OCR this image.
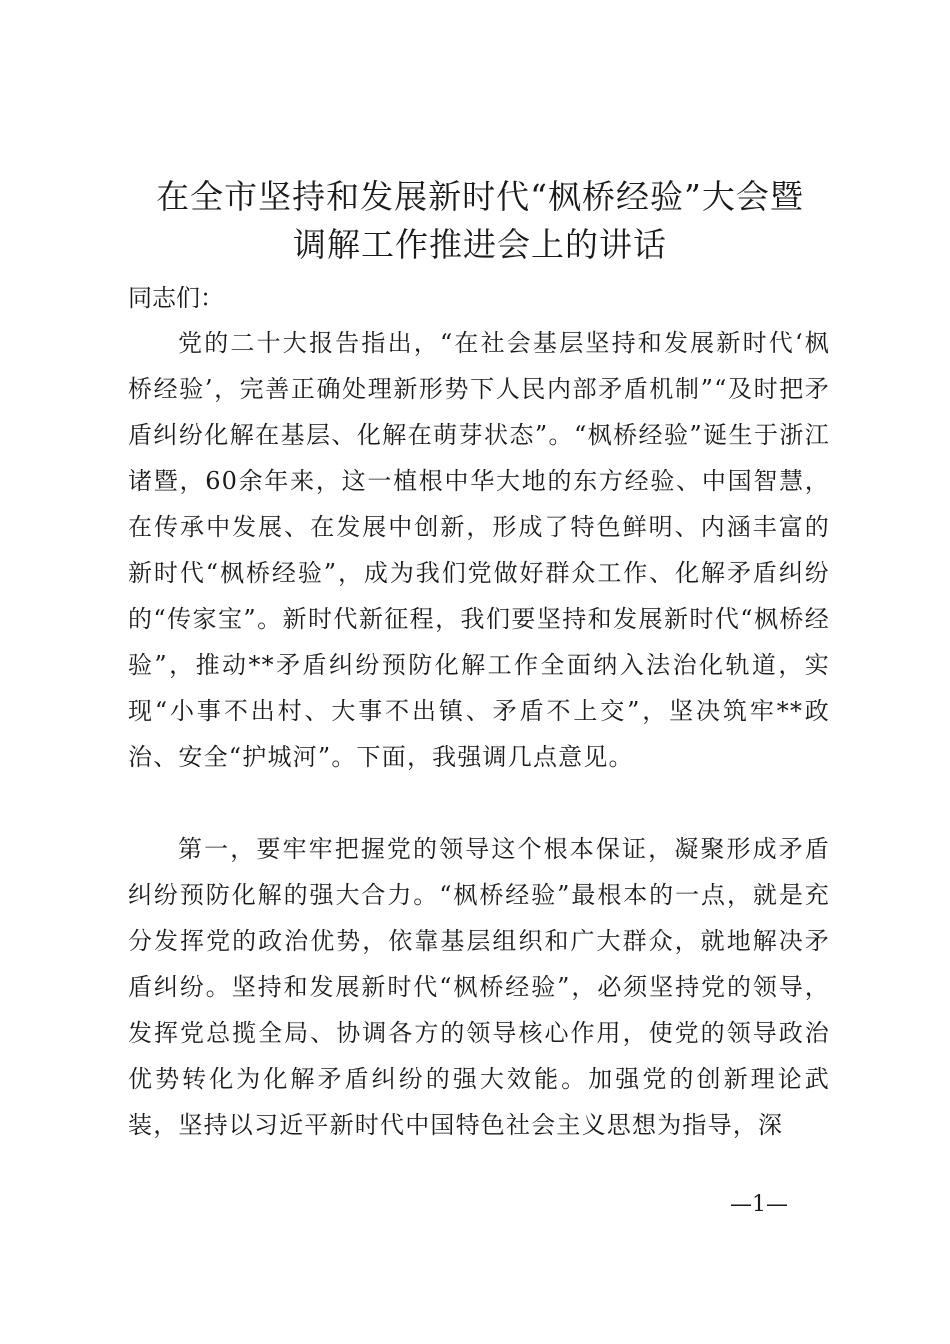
在全市坚持和发展新时代“枫桥经验”大会暨
调解工作推进会上的讲话

同志们：

党的二十大报告指出，“在社会基层坚持和发展新时代‘枫桥经验’，完善正确处理新形势下人民内部矛盾机制”“及时把矛盾纠纷化解在基层、化解在萌芽状态”。“枫桥经验”诞生于浙江诸暨，60余年来，这一植根中华大地的东方经验、中国智慧，在传承中发展、在发展中创新，形成了特色鲜明、内涵丰富的新时代“枫桥经验”，成为我们党做好群众工作、化解矛盾纠纷的“传家宝”。新时代新征程，我们要坚持和发展新时代“枫桥经验”，推动**矛盾纠纷预防化解工作全面纳入法治化轨道，实现“小事不出村、大事不出镇、矛盾不上交”，坚决筑牢**政治、安全“护城河”。下面，我强调几点意见。

第一，要牢牢把握党的领导这个根本保证，凝聚形成矛盾纠纷预防化解的强大合力。“枫桥经验”最根本的一点，就是充分发挥党的政治优势，依靠基层组织和广大群众，就地解决矛盾纠纷。坚持和发展新时代“枫桥经验”，必须坚持党的领导，发挥党总揽全局、协调各方的领导核心作用，使党的领导政治优势转化为化解矛盾纠纷的强大效能。加强党的创新理论武装，坚持以习近平新时代中国特色社会主义思想为指导，深

—1—
